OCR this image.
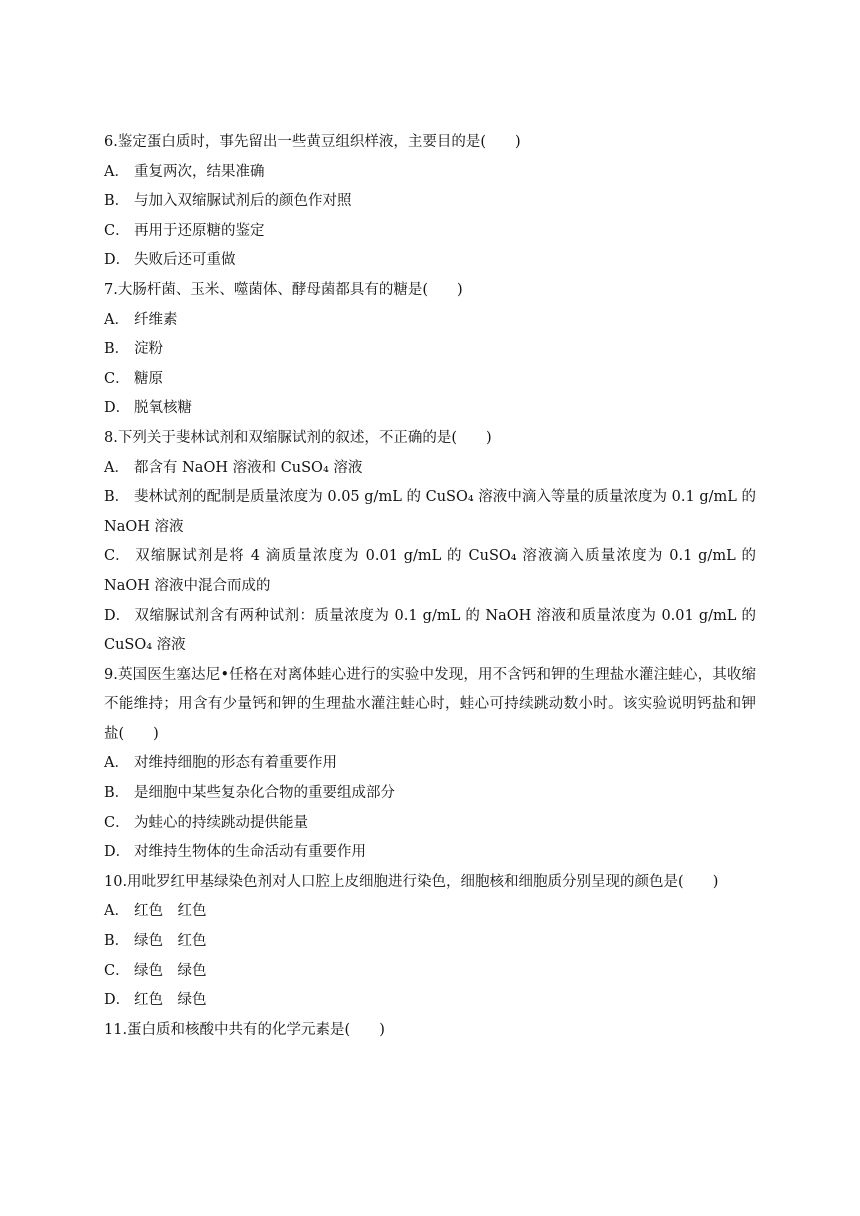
6.鉴定蛋白质时，事先留出一些黄豆组织样液，主要目的是(　　)
A． 重复两次，结果准确
B． 与加入双缩脲试剂后的颜色作对照
C． 再用于还原糖的鉴定
D． 失败后还可重做
7.大肠杆菌、玉米、噬菌体、酵母菌都具有的糖是(　　)
A． 纤维素
B． 淀粉
C． 糖原
D． 脱氧核糖
8.下列关于斐林试剂和双缩脲试剂的叙述，不正确的是(　　)
A． 都含有 NaOH 溶液和 CuSO₄ 溶液
B． 斐林试剂的配制是质量浓度为 0.05 g/mL 的 CuSO₄ 溶液中滴入等量的质量浓度为 0.1 g/mL 的 NaOH 溶液
C． 双缩脲试剂是将 4 滴质量浓度为 0.01 g/mL 的 CuSO₄ 溶液滴入质量浓度为 0.1 g/mL 的 NaOH 溶液中混合而成的
D． 双缩脲试剂含有两种试剂：质量浓度为 0.1 g/mL 的 NaOH 溶液和质量浓度为 0.01 g/mL 的 CuSO₄ 溶液
9.英国医生塞达尼•任格在对离体蛙心进行的实验中发现，用不含钙和钾的生理盐水灌注蛙心，其收缩不能维持；用含有少量钙和钾的生理盐水灌注蛙心时，蛙心可持续跳动数小时。该实验说明钙盐和钾盐(　　)
A． 对维持细胞的形态有着重要作用
B． 是细胞中某些复杂化合物的重要组成部分
C． 为蛙心的持续跳动提供能量
D． 对维持生物体的生命活动有重要作用
10.用吡罗红甲基绿染色剂对人口腔上皮细胞进行染色，细胞核和细胞质分别呈现的颜色是(　　)
A． 红色　红色
B． 绿色　红色
C． 绿色　绿色
D． 红色　绿色
11.蛋白质和核酸中共有的化学元素是(　　)
